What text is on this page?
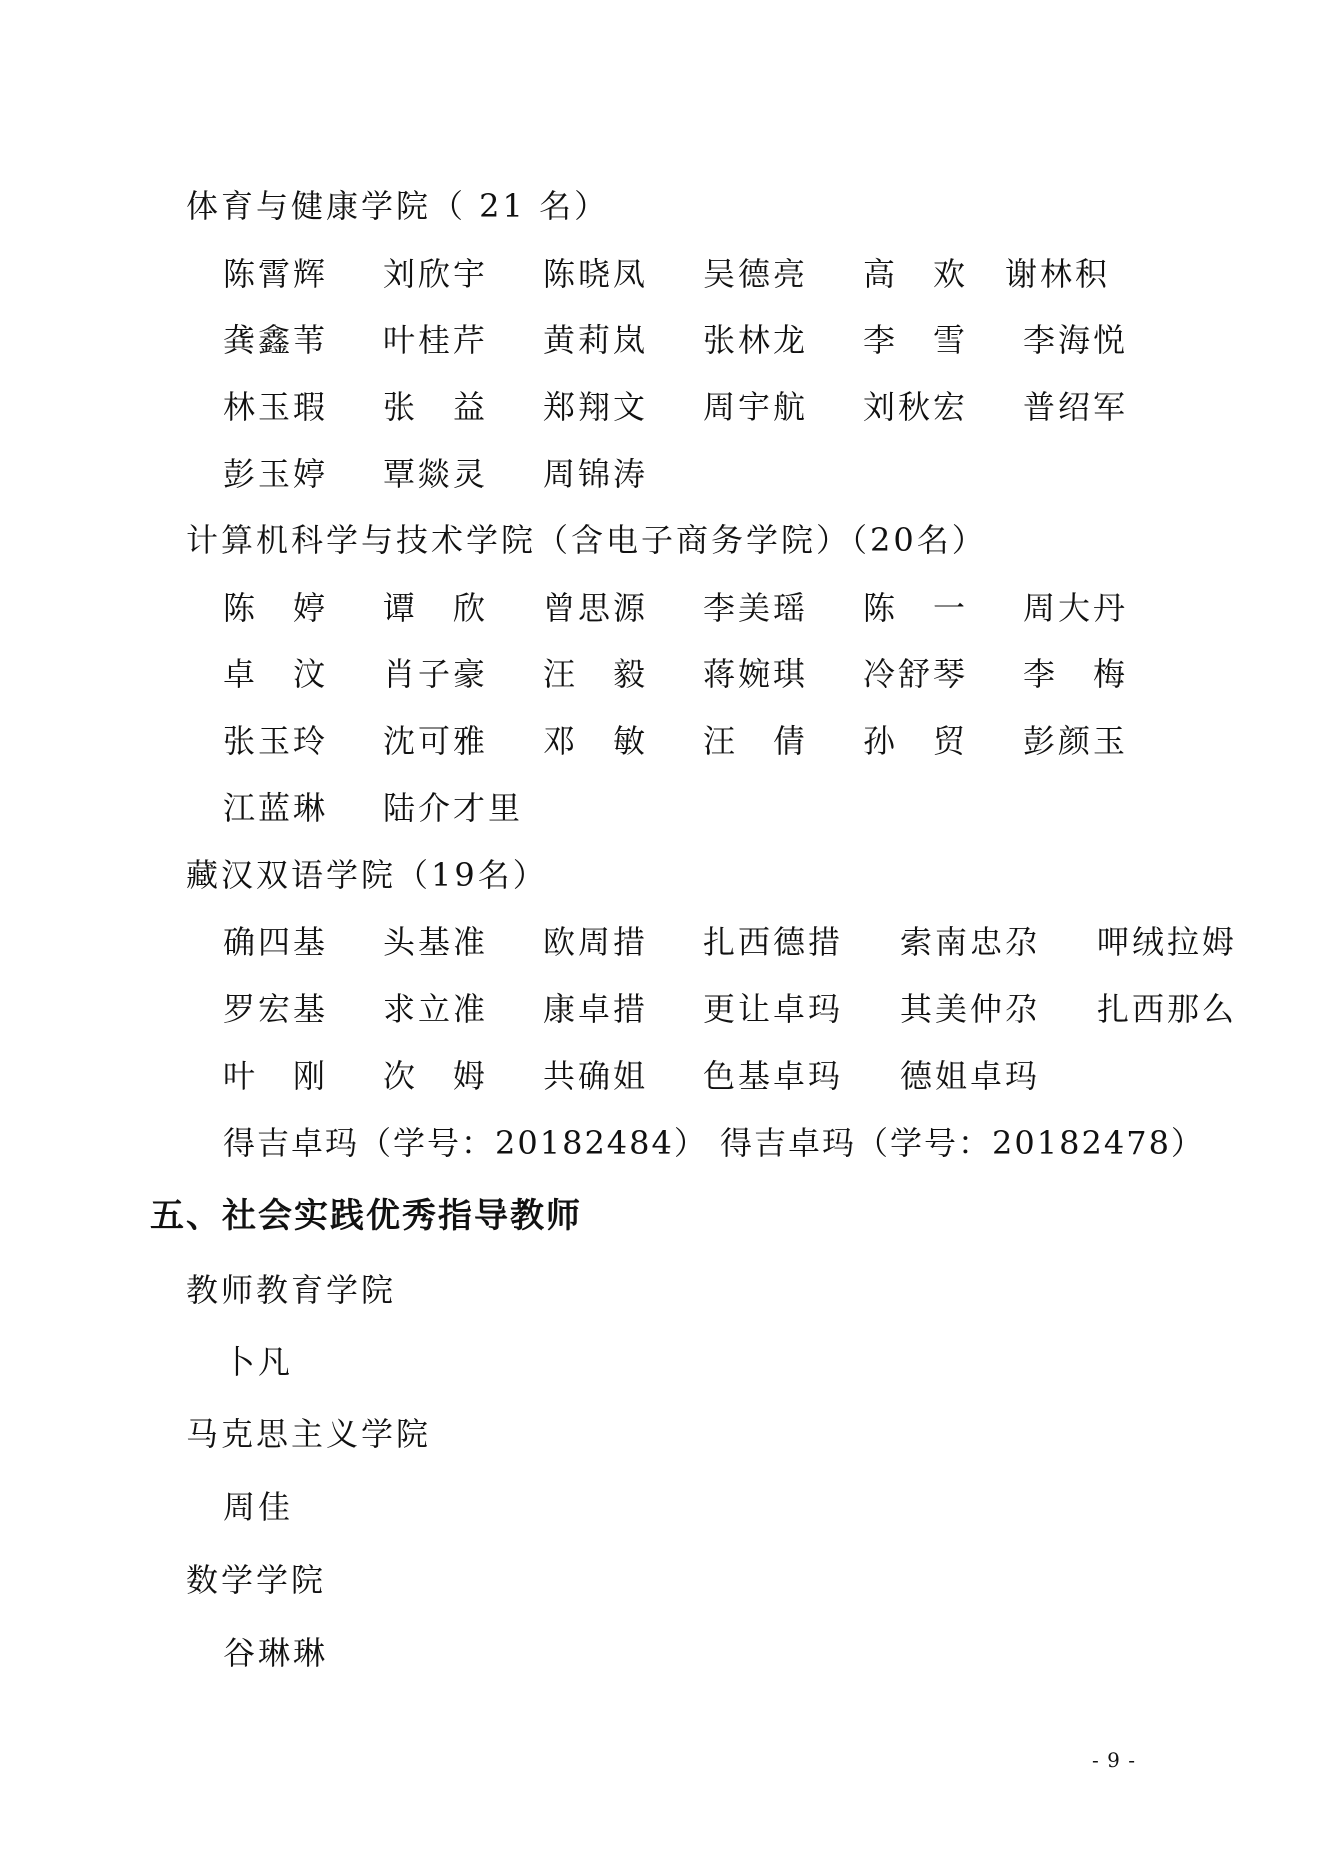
体育与健康学院（ 21 名）
陈霄辉 刘欣宇 陈晓凤 吴德亮 高　欢 谢林积
龚鑫苇 叶桂芹 黄莉岚 张林龙 李　雪 李海悦
林玉瑕 张　益 郑翔文 周宇航 刘秋宏 普绍军
彭玉婷 覃燚灵 周锦涛
计算机科学与技术学院（含电子商务学院）（20名）
陈　婷 谭　欣 曾思源 李美瑶 陈　一 周大丹
卓　汶 肖子豪 汪　毅 蒋婉琪 冷舒琴 李　梅
张玉玲 沈可雅 邓　敏 汪　倩 孙　贸 彭颜玉
江蓝琳 陆介才里
藏汉双语学院（19名）
确四基 头基准 欧周措 扎西德措 索南忠尕 呷绒拉姆
罗宏基 求立准 康卓措 更让卓玛 其美仲尕 扎西那么
叶　刚 次　姆 共确姐 色基卓玛 德姐卓玛
得吉卓玛（学号：20182484） 得吉卓玛（学号：20182478）
五、社会实践优秀指导教师
教师教育学院
卜凡
马克思主义学院
周佳
数学学院
谷琳琳
- 9 -
